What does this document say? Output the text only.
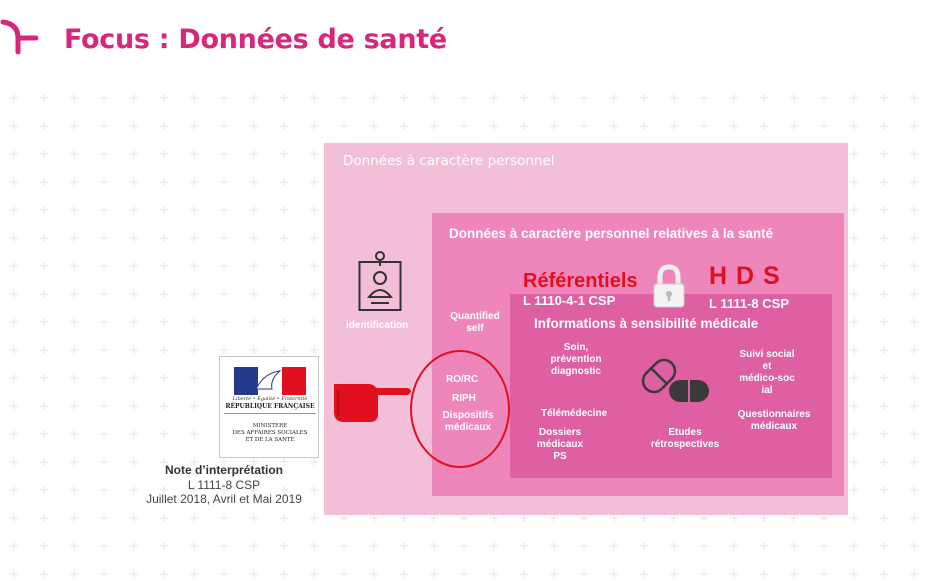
Focus : Données de santé
Données à caractère personnel
Données à caractère personnel relatives à la santé
identification
Quantified
self
Référentiels
L 1110-4-1 CSP
H D S
L 1111-8 CSP
Informations à sensibilité médicale
Soin,
prévention
diagnostic
Suivi social
et
médico-soc
ial
Télémédecine	Questionnaires
médicaux
Dossiers
médicaux
PS
Etudes
rétrospectives
RO/RC
RIPH
Dispositifs
médicaux
Liberté • Égalité • Fraternité
RÉPUBLIQUE FRANÇAISE
MINISTÈRE
DES AFFAIRES SOCIALES
ET DE LA SANTÉ
Note d’interprétation
L 1111-8 CSP
Juillet 2018, Avril et Mai 2019
